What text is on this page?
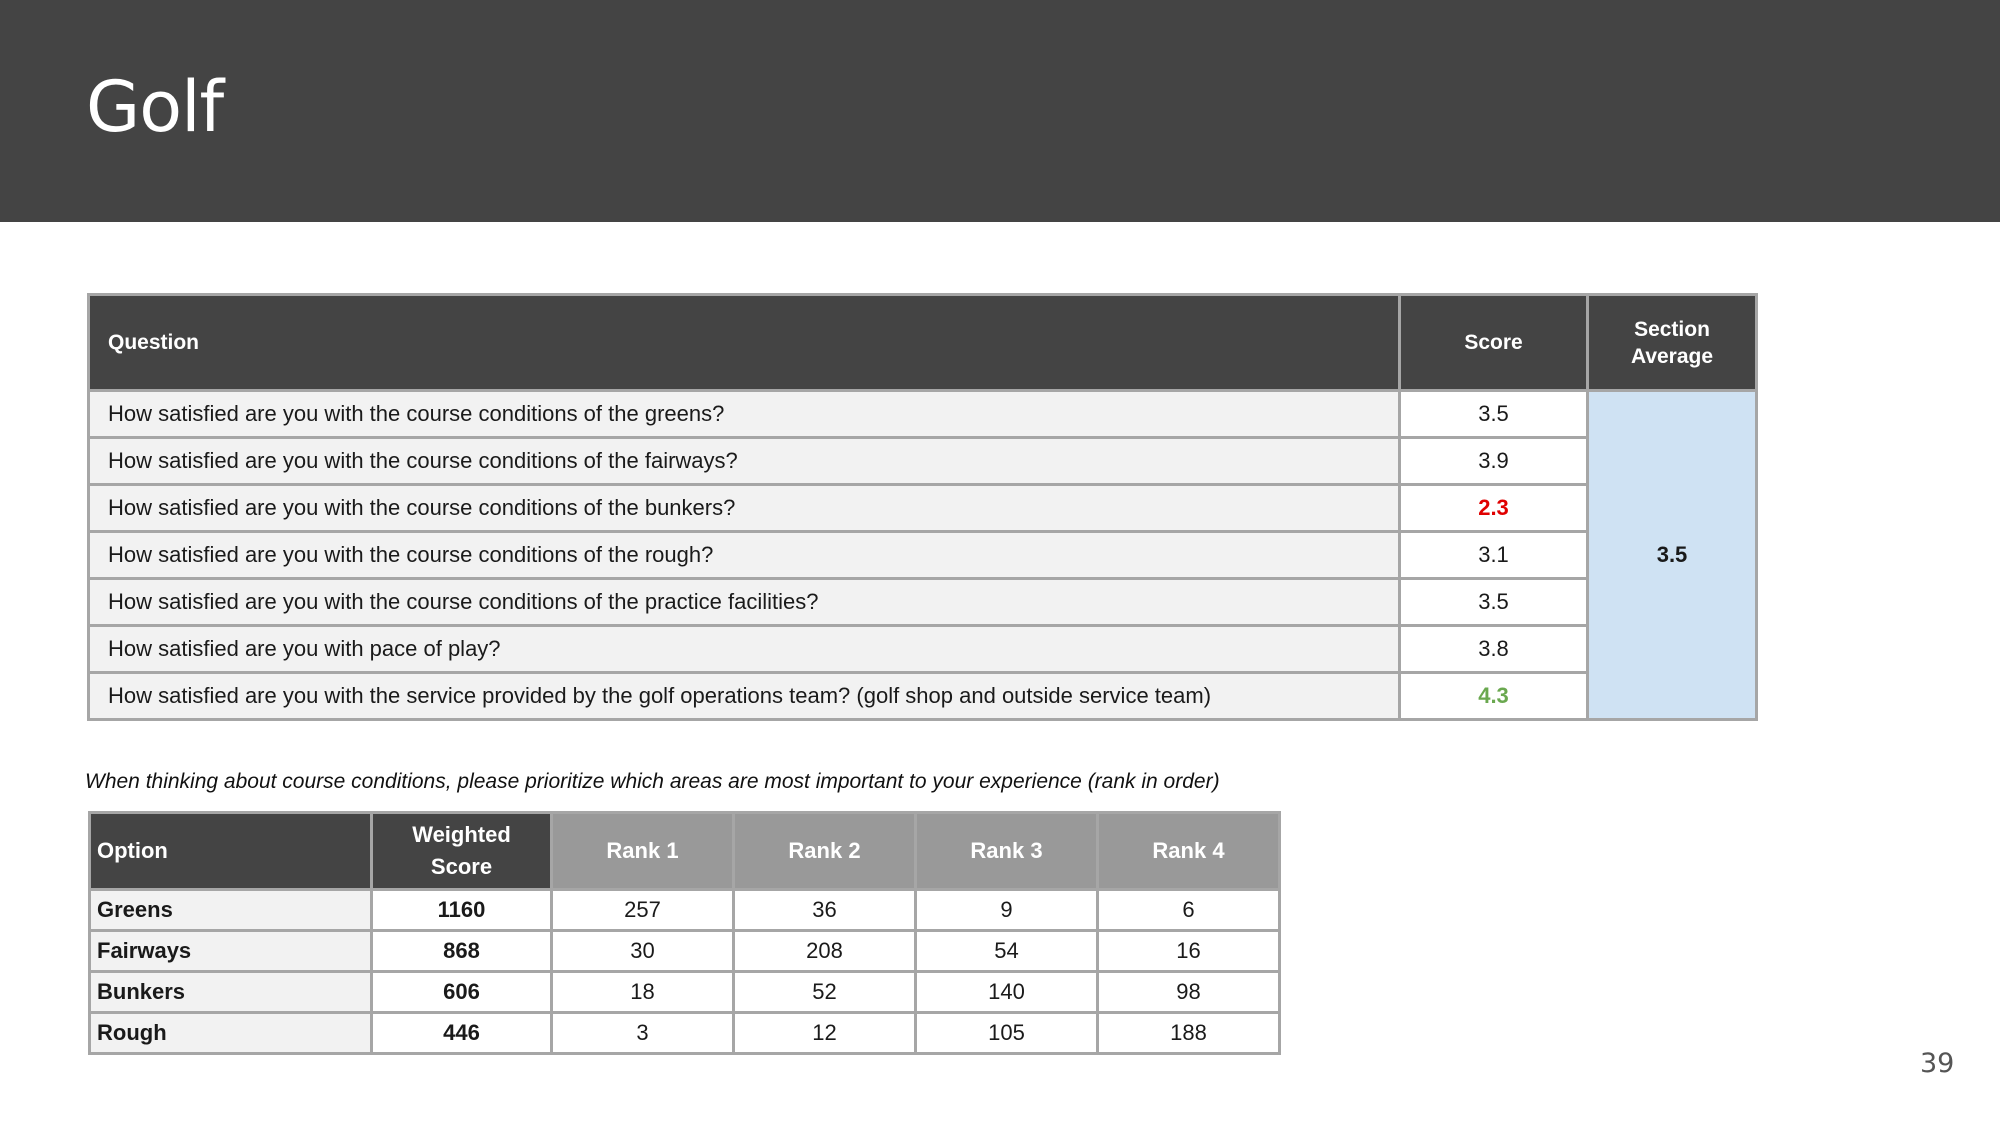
Golf
Question	Score	Section Average
How satisfied are you with the course conditions of the greens?	3.5	3.5
How satisfied are you with the course conditions of the fairways?	3.9	
How satisfied are you with the course conditions of the bunkers?	2.3	
How satisfied are you with the course conditions of the rough?	3.1	
How satisfied are you with the course conditions of the practice facilities?	3.5	
How satisfied are you with pace of play?	3.8	
How satisfied are you with the service provided by the golf operations team? (golf shop and outside service team)	4.3	
When thinking about course conditions, please prioritize which areas are most important to your experience (rank in order)
Option	Weighted Score	Rank 1	Rank 2	Rank 3	Rank 4
Greens	1160	257	36	9	6
Fairways	868	30	208	54	16
Bunkers	606	18	52	140	98
Rough	446	3	12	105	188
39
